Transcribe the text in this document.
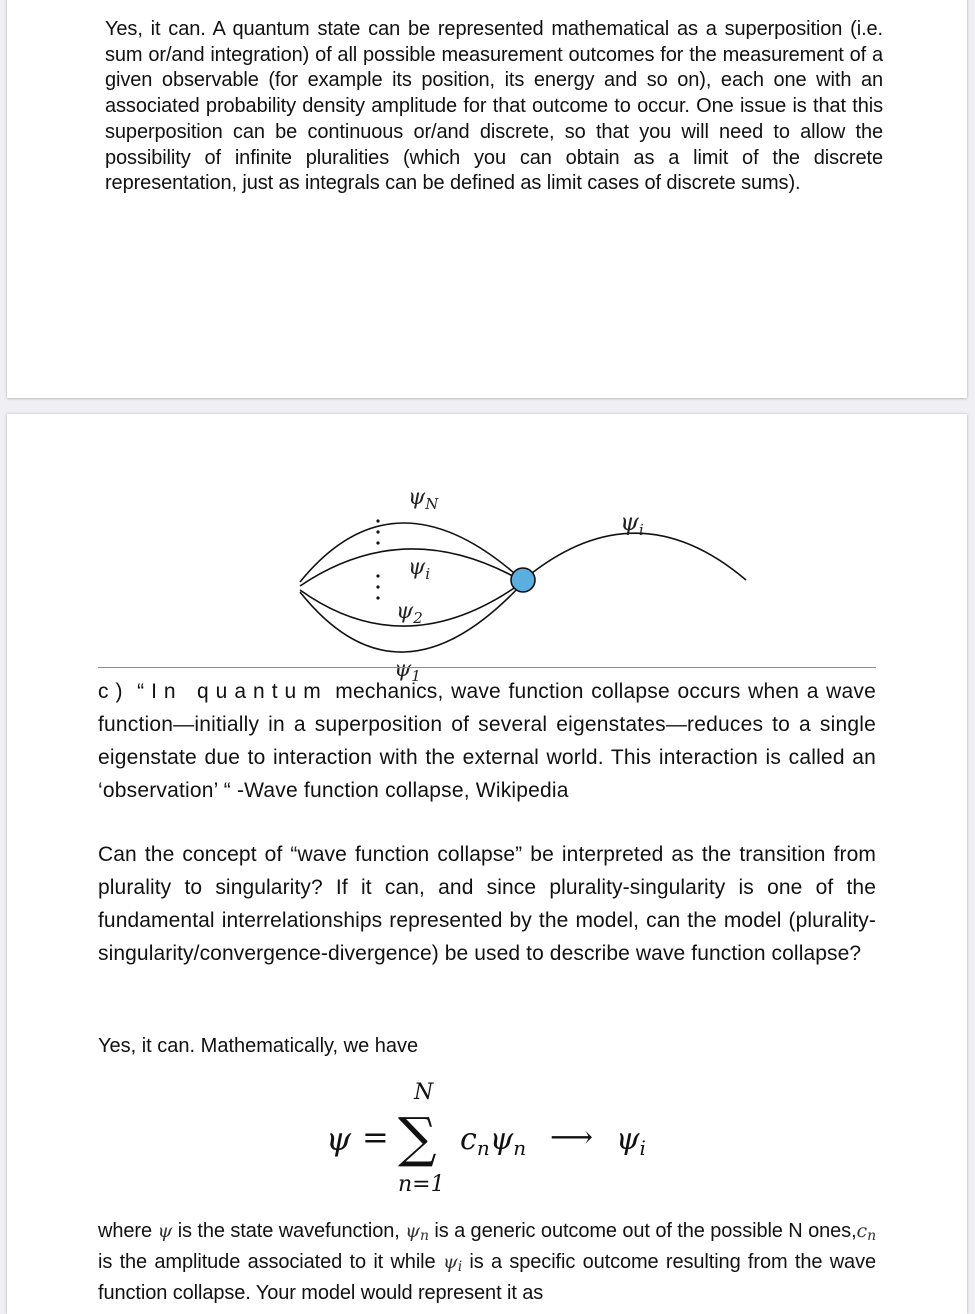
Yes, it can. A quantum state can be represented mathematical as a superposition (i.e. sum or/and integration) of all possible measurement outcomes for the measurement of a given observable (for example its position, its energy and so on), each one with an associated probability density amplitude for that outcome to occur. One issue is that this superposition can be continuous or/and discrete, so that you will need to allow the possibility of infinite pluralities (which you can obtain as a limit of the discrete representation, just as integrals can be defined as limit cases of discrete sums).

$\psi_N$
$\psi_i$
$\psi_2$
$\psi_1$
$\psi_i$

c) “In quantum mechanics, wave function collapse occurs when a wave function—initially in a superposition of several eigenstates—reduces to a single eigenstate due to interaction with the external world. This interaction is called an ‘observation’ “ -Wave function collapse, Wikipedia

Can the concept of “wave function collapse” be interpreted as the transition from plurality to singularity? If it can, and since plurality-singularity is one of the fundamental interrelationships represented by the model, can the model (plurality-singularity/convergence-divergence) be used to describe wave function collapse?

Yes, it can. Mathematically, we have

ψ =
N
∑
n=1
$c_n\psi_n$ ⟶ $\psi_i$

where ψ is the state wavefunction, $\psi_n$ is a generic outcome out of the possible N $ones,c_n$ is the amplitude associated to it while $\psi_i$ is a specific outcome resulting from the wave function collapse. Your model would represent it as
